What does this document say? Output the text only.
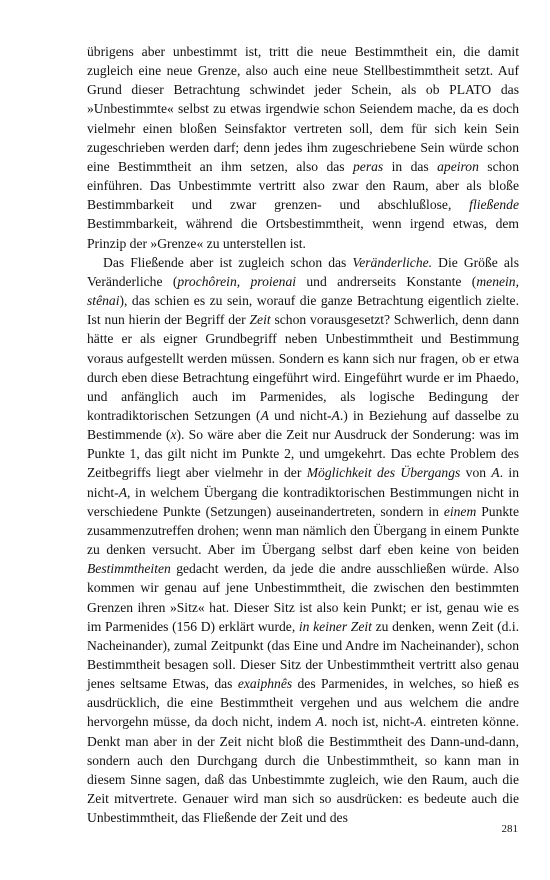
übrigens aber unbestimmt ist, tritt die neue Bestimmtheit ein, die damit zugleich eine neue Grenze, also auch eine neue Stellbestimmtheit setzt. Auf Grund dieser Betrachtung schwindet jeder Schein, als ob PLATO das »Unbestimmte« selbst zu etwas irgendwie schon Seiendem mache, da es doch vielmehr einen bloßen Seinsfaktor vertreten soll, dem für sich kein Sein zugeschrieben werden darf; denn jedes ihm zugeschriebene Sein würde schon eine Bestimmtheit an ihm setzen, also das peras in das apeiron schon einführen. Das Unbestimmte vertritt also zwar den Raum, aber als bloße Bestimmbarkeit und zwar grenzen- und abschlußlose, fließende Bestimmbarkeit, während die Ortsbestimmtheit, wenn irgend etwas, dem Prinzip der »Grenze« zu unterstellen ist.

Das Fließende aber ist zugleich schon das Veränderliche. Die Größe als Veränderliche (prochôrein, proienai und andrerseits Konstante (menein, stênai), das schien es zu sein, worauf die ganze Betrachtung eigentlich zielte. Ist nun hierin der Begriff der Zeit schon vorausgesetzt? Schwerlich, denn dann hätte er als eigner Grundbegriff neben Unbestimmtheit und Bestimmung voraus aufgestellt werden müssen. Sondern es kann sich nur fragen, ob er etwa durch eben diese Betrachtung eingeführt wird. Eingeführt wurde er im Phaedo, und anfänglich auch im Parmenides, als logische Bedingung der kontradiktorischen Setzungen (A und nicht-A.) in Beziehung auf dasselbe zu Bestimmende (x). So wäre aber die Zeit nur Ausdruck der Sonderung: was im Punkte 1, das gilt nicht im Punkte 2, und umgekehrt. Das echte Problem des Zeitbegriffs liegt aber vielmehr in der Möglichkeit des Übergangs von A. in nicht-A, in welchem Übergang die kontradiktorischen Bestimmungen nicht in verschiedene Punkte (Setzungen) auseinandertreten, sondern in einem Punkte zusammenzutreffen drohen; wenn man nämlich den Übergang in einem Punkte zu denken versucht. Aber im Übergang selbst darf eben keine von beiden Bestimmtheiten gedacht werden, da jede die andre ausschließen würde. Also kommen wir genau auf jene Unbestimmtheit, die zwischen den bestimmten Grenzen ihren »Sitz« hat. Dieser Sitz ist also kein Punkt; er ist, genau wie es im Parmenides (156 D) erklärt wurde, in keiner Zeit zu denken, wenn Zeit (d.i. Nacheinander), zumal Zeitpunkt (das Eine und Andre im Nacheinander), schon Bestimmtheit besagen soll. Dieser Sitz der Unbestimmtheit vertritt also genau jenes seltsame Etwas, das exaiphnês des Parmenides, in welches, so hieß es ausdrücklich, die eine Bestimmtheit vergehen und aus welchem die andre hervorgehn müsse, da doch nicht, indem A. noch ist, nicht-A. eintreten könne. Denkt man aber in der Zeit nicht bloß die Bestimmtheit des Dann-und-dann, sondern auch den Durchgang durch die Unbestimmtheit, so kann man in diesem Sinne sagen, daß das Unbestimmte zugleich, wie den Raum, auch die Zeit mitvertrete. Genauer wird man sich so ausdrücken: es bedeute auch die Unbestimmtheit, das Fließende der Zeit und des

281
